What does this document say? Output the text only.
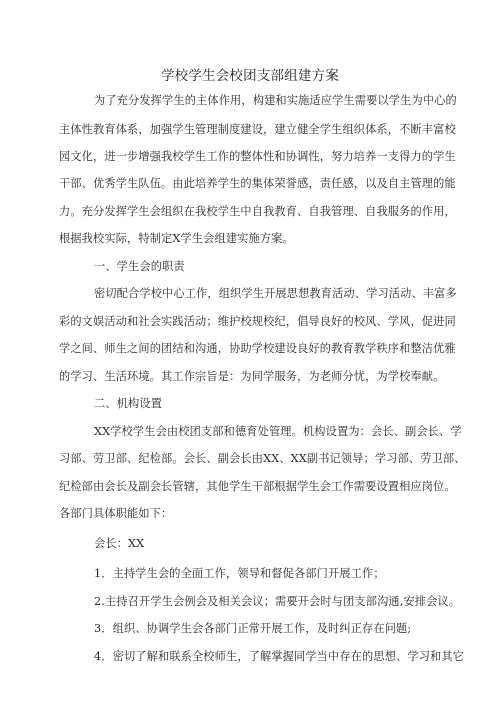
学校学生会校团支部组建方案
为了充分发挥学生的主体作用，构建和实施适应学生需要以学生为中心的
主体性教育体系，加强学生管理制度建设，建立健全学生组织体系，不断丰富校
园文化，进一步增强我校学生工作的整体性和协调性，努力培养一支得力的学生
干部、优秀学生队伍。由此培养学生的集体荣誉感，责任感，以及自主管理的能
力。充分发挥学生会组织在我校学生中自我教育、自我管理、自我服务的作用，
根据我校实际，特制定X学生会组建实施方案。
一、学生会的职责
密切配合学校中心工作，组织学生开展思想教育活动、学习活动、丰富多
彩的文娱活动和社会实践活动；维护校规校纪，倡导良好的校风、学风，促进同
学之间、师生之间的团结和沟通，协助学校建设良好的教育教学秩序和整洁优雅
的学习、生活环境。其工作宗旨是：为同学服务，为老师分忧，为学校奉献。
二、机构设置
XX学校学生会由校团支部和德育处管理。机构设置为：会长、副会长、学
习部、劳卫部、纪检部。会长、副会长由XX、XX副书记领导；学习部、劳卫部、
纪检部由会长及副会长管辖，其他学生干部根据学生会工作需要设置相应岗位。
各部门具体职能如下：
会长：XX
1．主持学生会的全面工作，领导和督促各部门开展工作；
2.主持召开学生会例会及相关会议；需要开会时与团支部沟通,安排会议。
3．组织、协调学生会各部门正常开展工作，及时纠正存在问题;
4．密切了解和联系全校师生，了解掌握同学当中存在的思想、学习和其它
